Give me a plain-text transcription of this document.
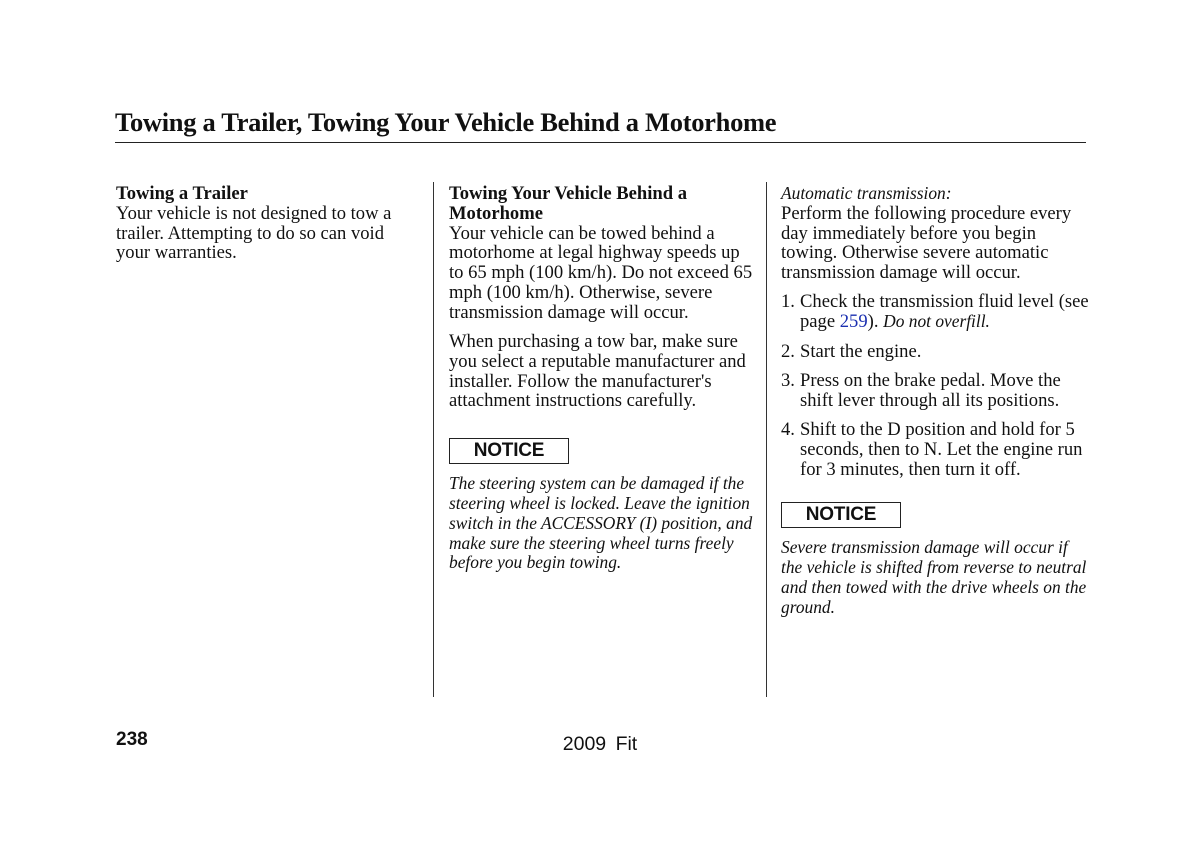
Towing a Trailer, Towing Your Vehicle Behind a Motorhome

Towing a Trailer

Your vehicle is not designed to tow a trailer. Attempting to do so can void your warranties.

Towing Your Vehicle Behind a Motorhome

Your vehicle can be towed behind a motorhome at legal highway speeds up to 65 mph (100 km/h). Do not exceed 65 mph (100 km/h). Otherwise, severe transmission damage will occur.

When purchasing a tow bar, make sure you select a reputable manufacturer and installer. Follow the manufacturer's attachment instructions carefully.

NOTICE

The steering system can be damaged if the steering wheel is locked. Leave the ignition switch in the ACCESSORY (I) position, and make sure the steering wheel turns freely before you begin towing.

Automatic transmission:

Perform the following procedure every day immediately before you begin towing. Otherwise severe automatic transmission damage will occur.

1. Check the transmission fluid level (see page 259). Do not overfill.

2. Start the engine.

3. Press on the brake pedal. Move the shift lever through all its positions.

4. Shift to the D position and hold for 5 seconds, then to N. Let the engine run for 3 minutes, then turn it off.

NOTICE

Severe transmission damage will occur if the vehicle is shifted from reverse to neutral and then towed with the drive wheels on the ground.

238	2009 Fit
